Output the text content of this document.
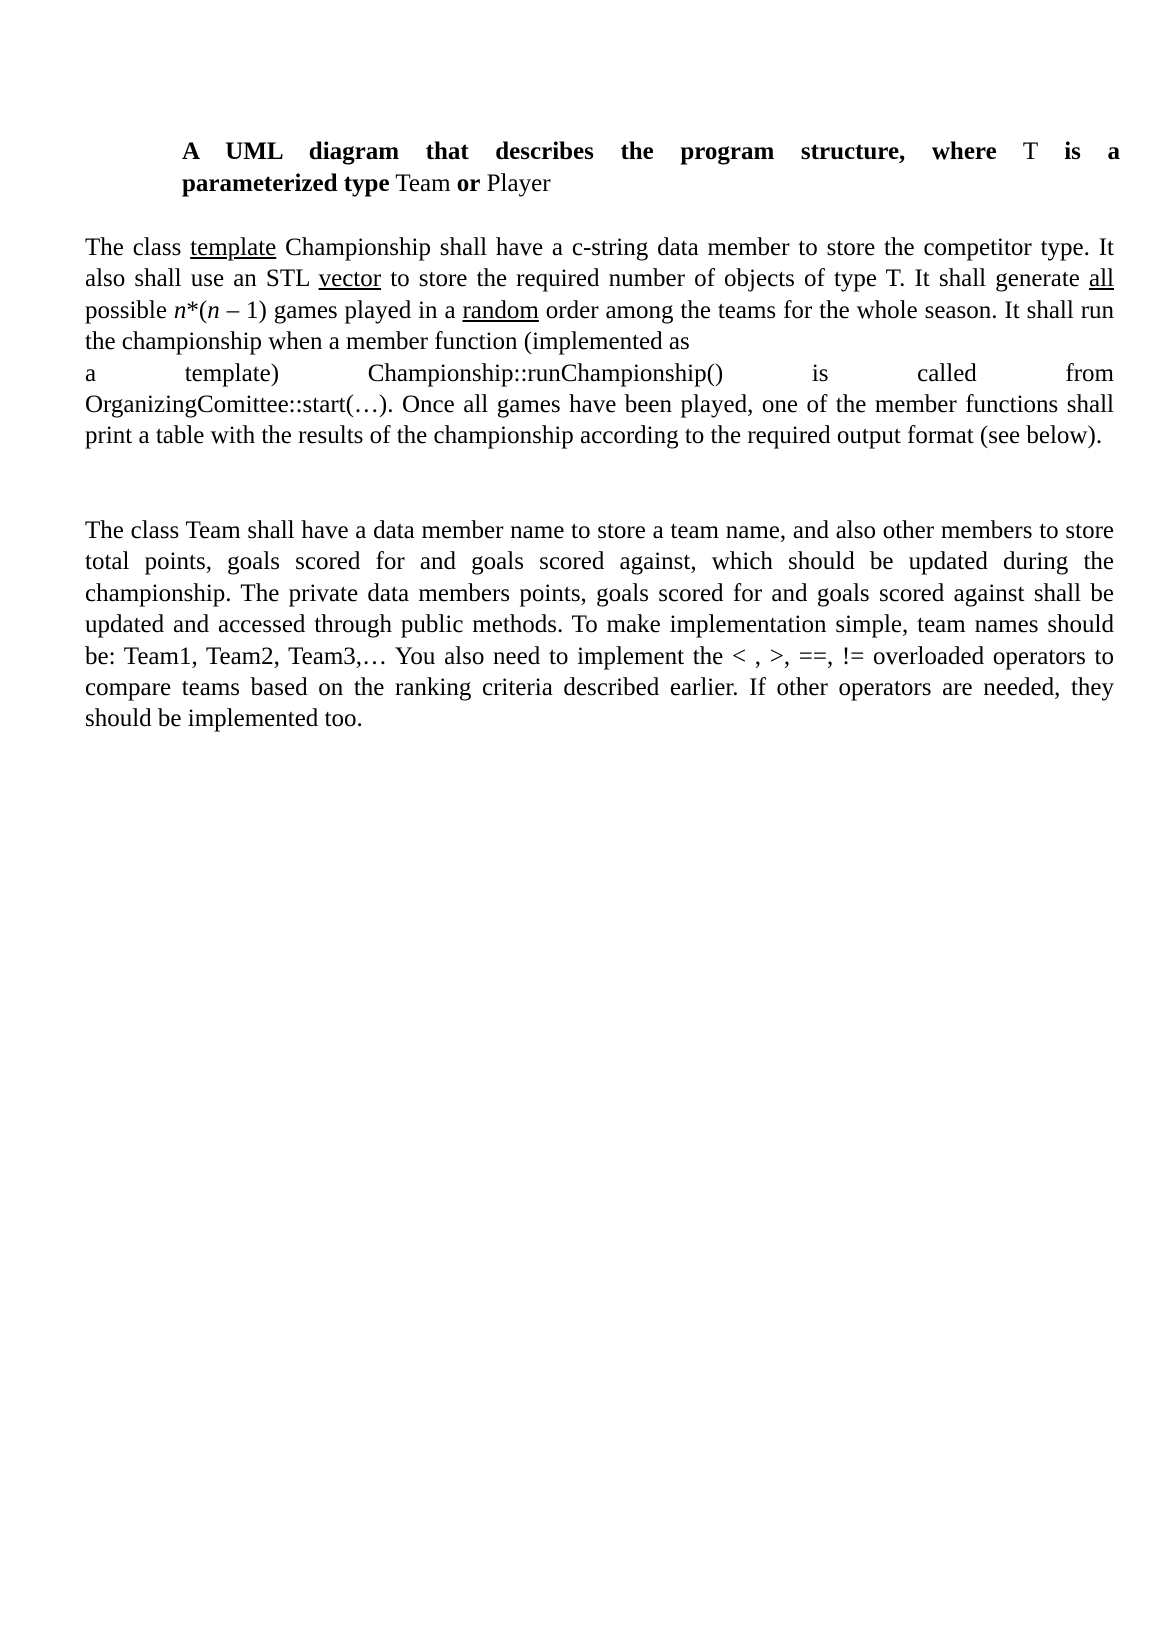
A UML diagram that describes the program structure, where T is a
parameterized type Team or Player
The class template Championship shall have a c-string data member to store the competitor type. It also shall use an STL vector to store the required number of objects of type T. It shall generate all possible n*(n – 1) games played in a random order among the teams for the whole season. It shall run the championship when a member function (implemented as
a template) Championship::runChampionship() is called from
OrganizingComittee::start(…). Once all games have been played, one of the member functions shall print a table with the results of the championship according to the required output format (see below).

The class Team shall have a data member name to store a team name, and also other members to store total points, goals scored for and goals scored against, which should be updated during the championship. The private data members points, goals scored for and goals scored against shall be updated and accessed through public methods. To make implementation simple, team names should be: Team1, Team2, Team3,… You also need to implement the < , >, ==, != overloaded operators to compare teams based on the ranking criteria described earlier. If other operators are needed, they should be implemented too.
